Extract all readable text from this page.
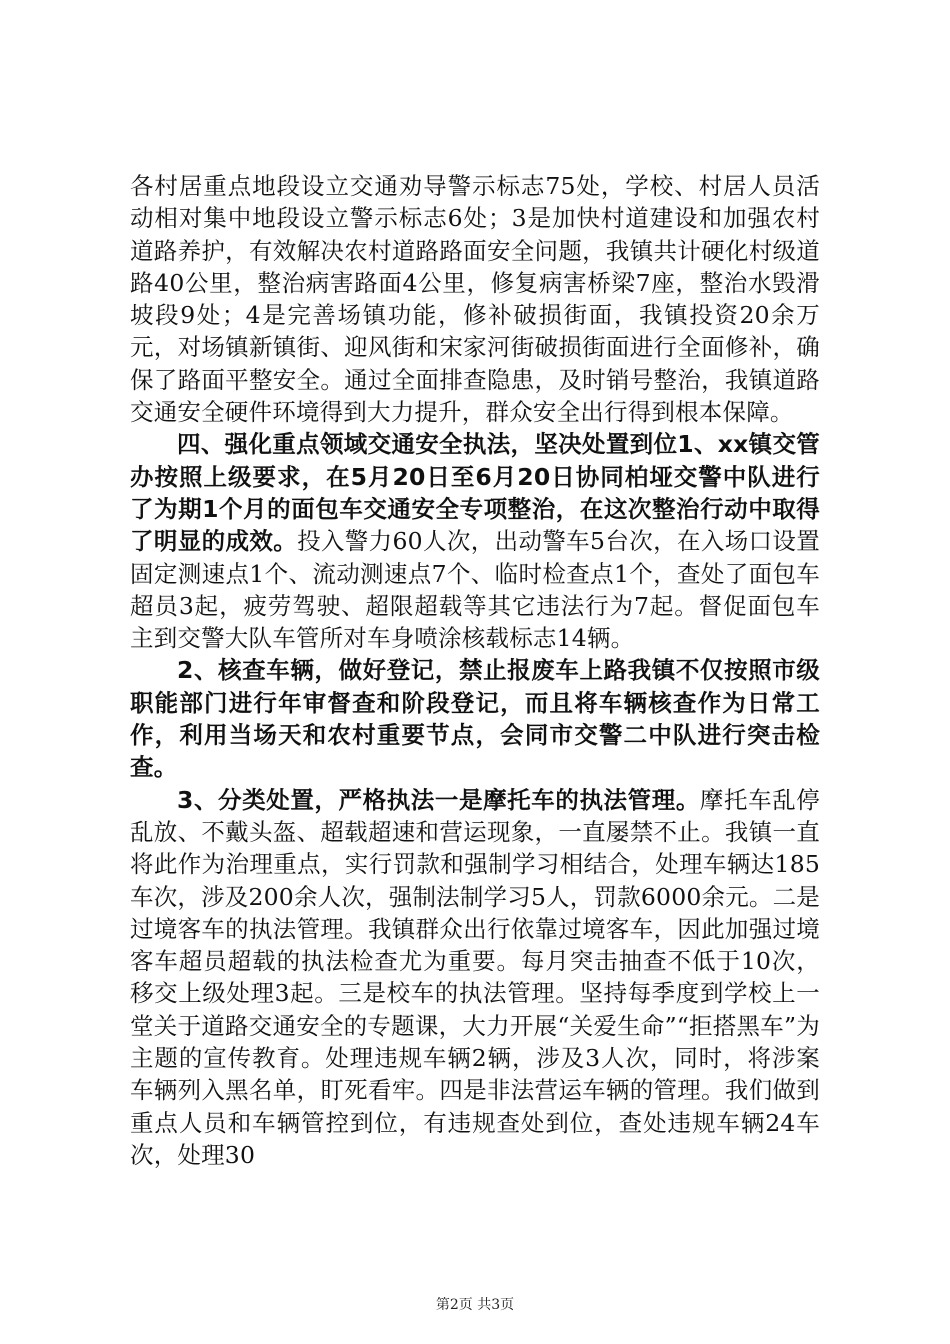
各村居重点地段设立交通劝导警示标志75处，学校、村居人员活动相对集中地段设立警示标志6处；3是加快村道建设和加强农村道路养护，有效解决农村道路路面安全问题，我镇共计硬化村级道路40公里，整治病害路面4公里，修复病害桥梁7座，整治水毁滑坡段9处；4是完善场镇功能，修补破损街面，我镇投资20余万元，对场镇新镇街、迎风街和宋家河街破损街面进行全面修补，确保了路面平整安全。通过全面排查隐患，及时销号整治，我镇道路交通安全硬件环境得到大力提升，群众安全出行得到根本保障。

四、强化重点领域交通安全执法，坚决处置到位1、xx镇交管办按照上级要求，在5月20日至6月20日协同柏垭交警中队进行了为期1个月的面包车交通安全专项整治，在这次整治行动中取得了明显的成效。投入警力60人次，出动警车5台次，在入场口设置固定测速点1个、流动测速点7个、临时检查点1个，查处了面包车超员3起，疲劳驾驶、超限超载等其它违法行为7起。督促面包车主到交警大队车管所对车身喷涂核载标志14辆。

2、核查车辆，做好登记，禁止报废车上路我镇不仅按照市级职能部门进行年审督查和阶段登记，而且将车辆核查作为日常工作，利用当场天和农村重要节点，会同市交警二中队进行突击检查。

3、分类处置，严格执法一是摩托车的执法管理。摩托车乱停乱放、不戴头盔、超载超速和营运现象，一直屡禁不止。我镇一直将此作为治理重点，实行罚款和强制学习相结合，处理车辆达185车次，涉及200余人次，强制法制学习5人，罚款6000余元。二是过境客车的执法管理。我镇群众出行依靠过境客车，因此加强过境客车超员超载的执法检查尤为重要。每月突击抽查不低于10次，移交上级处理3起。三是校车的执法管理。坚持每季度到学校上一堂关于道路交通安全的专题课，大力开展“关爱生命”“拒搭黑车”为主题的宣传教育。处理违规车辆2辆，涉及3人次，同时，将涉案车辆列入黑名单，盯死看牢。四是非法营运车辆的管理。我们做到重点人员和车辆管控到位，有违规查处到位，查处违规车辆24车次，处理30

第2页 共3页
